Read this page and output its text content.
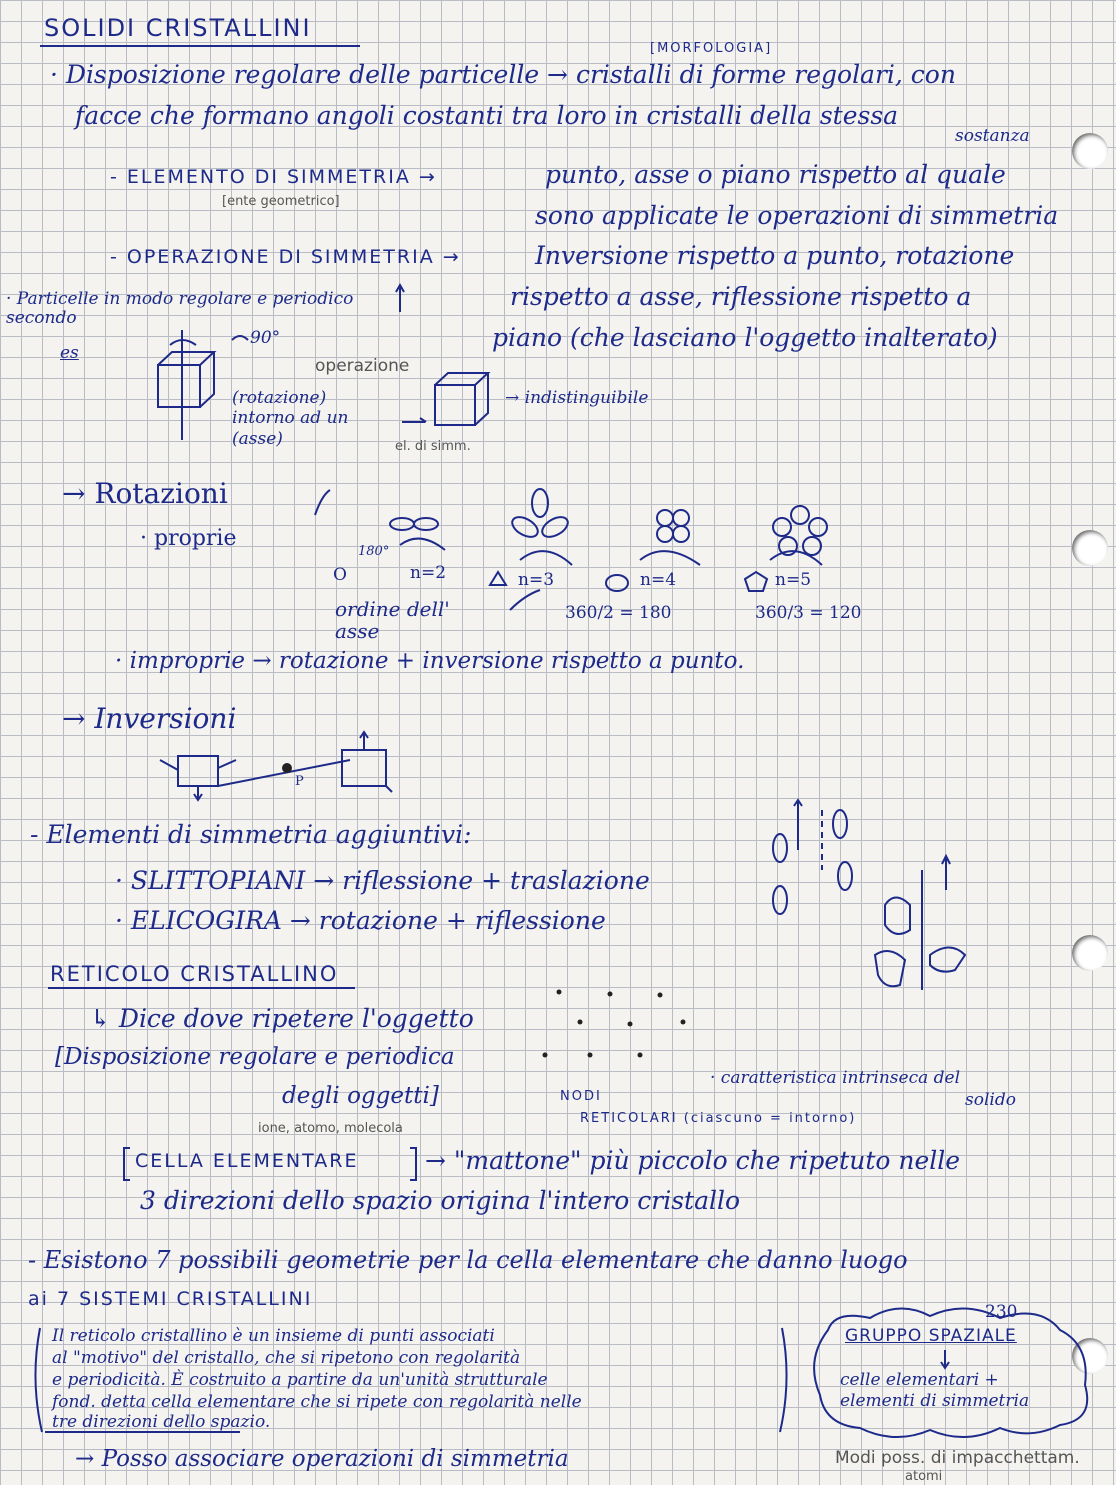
SOLIDI CRISTALLINI
[MORFOLOGIA]
· Disposizione regolare delle particelle → cristalli di forme regolari, con
facce che formano angoli costanti tra loro in cristalli della stessa
sostanza
- ELEMENTO DI SIMMETRIA →
[ente geometrico]
punto, asse o piano rispetto al quale
sono applicate le operazioni di simmetria
- OPERAZIONE DI SIMMETRIA →	Inversione rispetto a punto, rotazione
rispetto a asse, riflessione rispetto a
piano (che lasciano l'oggetto inalterato)
· Particelle in modo regolare e periodico secondo
es
90°
operazione
(rotazione) intorno ad un (asse)	el. di simm.
→ indistinguibile
→ Rotazioni
· proprie
180°
O	n=2	n=3	n=4	n=5
ordine dell' asse
360/2 = 180	360/3 = 120
· improprie → rotazione + inversione rispetto a punto.
→ Inversioni
P
- Elementi di simmetria aggiuntivi:
· SLITTOPIANI → riflessione + traslazione
· ELICOGIRA → rotazione + riflessione
RETICOLO CRISTALLINO
↳ Dice dove ripetere l'oggetto
[Disposizione regolare e periodica
degli oggetti]
ione, atomo, molecola
NODI
RETICOLARI (ciascuno = intorno)
· caratteristica intrinseca del
solido
CELLA ELEMENTARE	→ "mattone" più piccolo che ripetuto nelle
3 direzioni dello spazio origina l'intero cristallo
- Esistono 7 possibili geometrie per la cella elementare che danno luogo
ai 7 SISTEMI CRISTALLINI
Il reticolo cristallino è un insieme di punti associati
al "motivo" del cristallo, che si ripetono con regolarità
e periodicità. È costruito a partire da un'unità strutturale
fond. detta cella elementare che si ripete con regolarità nelle
tre direzioni dello spazio.
230
GRUPPO SPAZIALE
celle elementari +
elementi di simmetria
→ Posso associare operazioni di simmetria	Modi poss. di impacchettam.
atomi
